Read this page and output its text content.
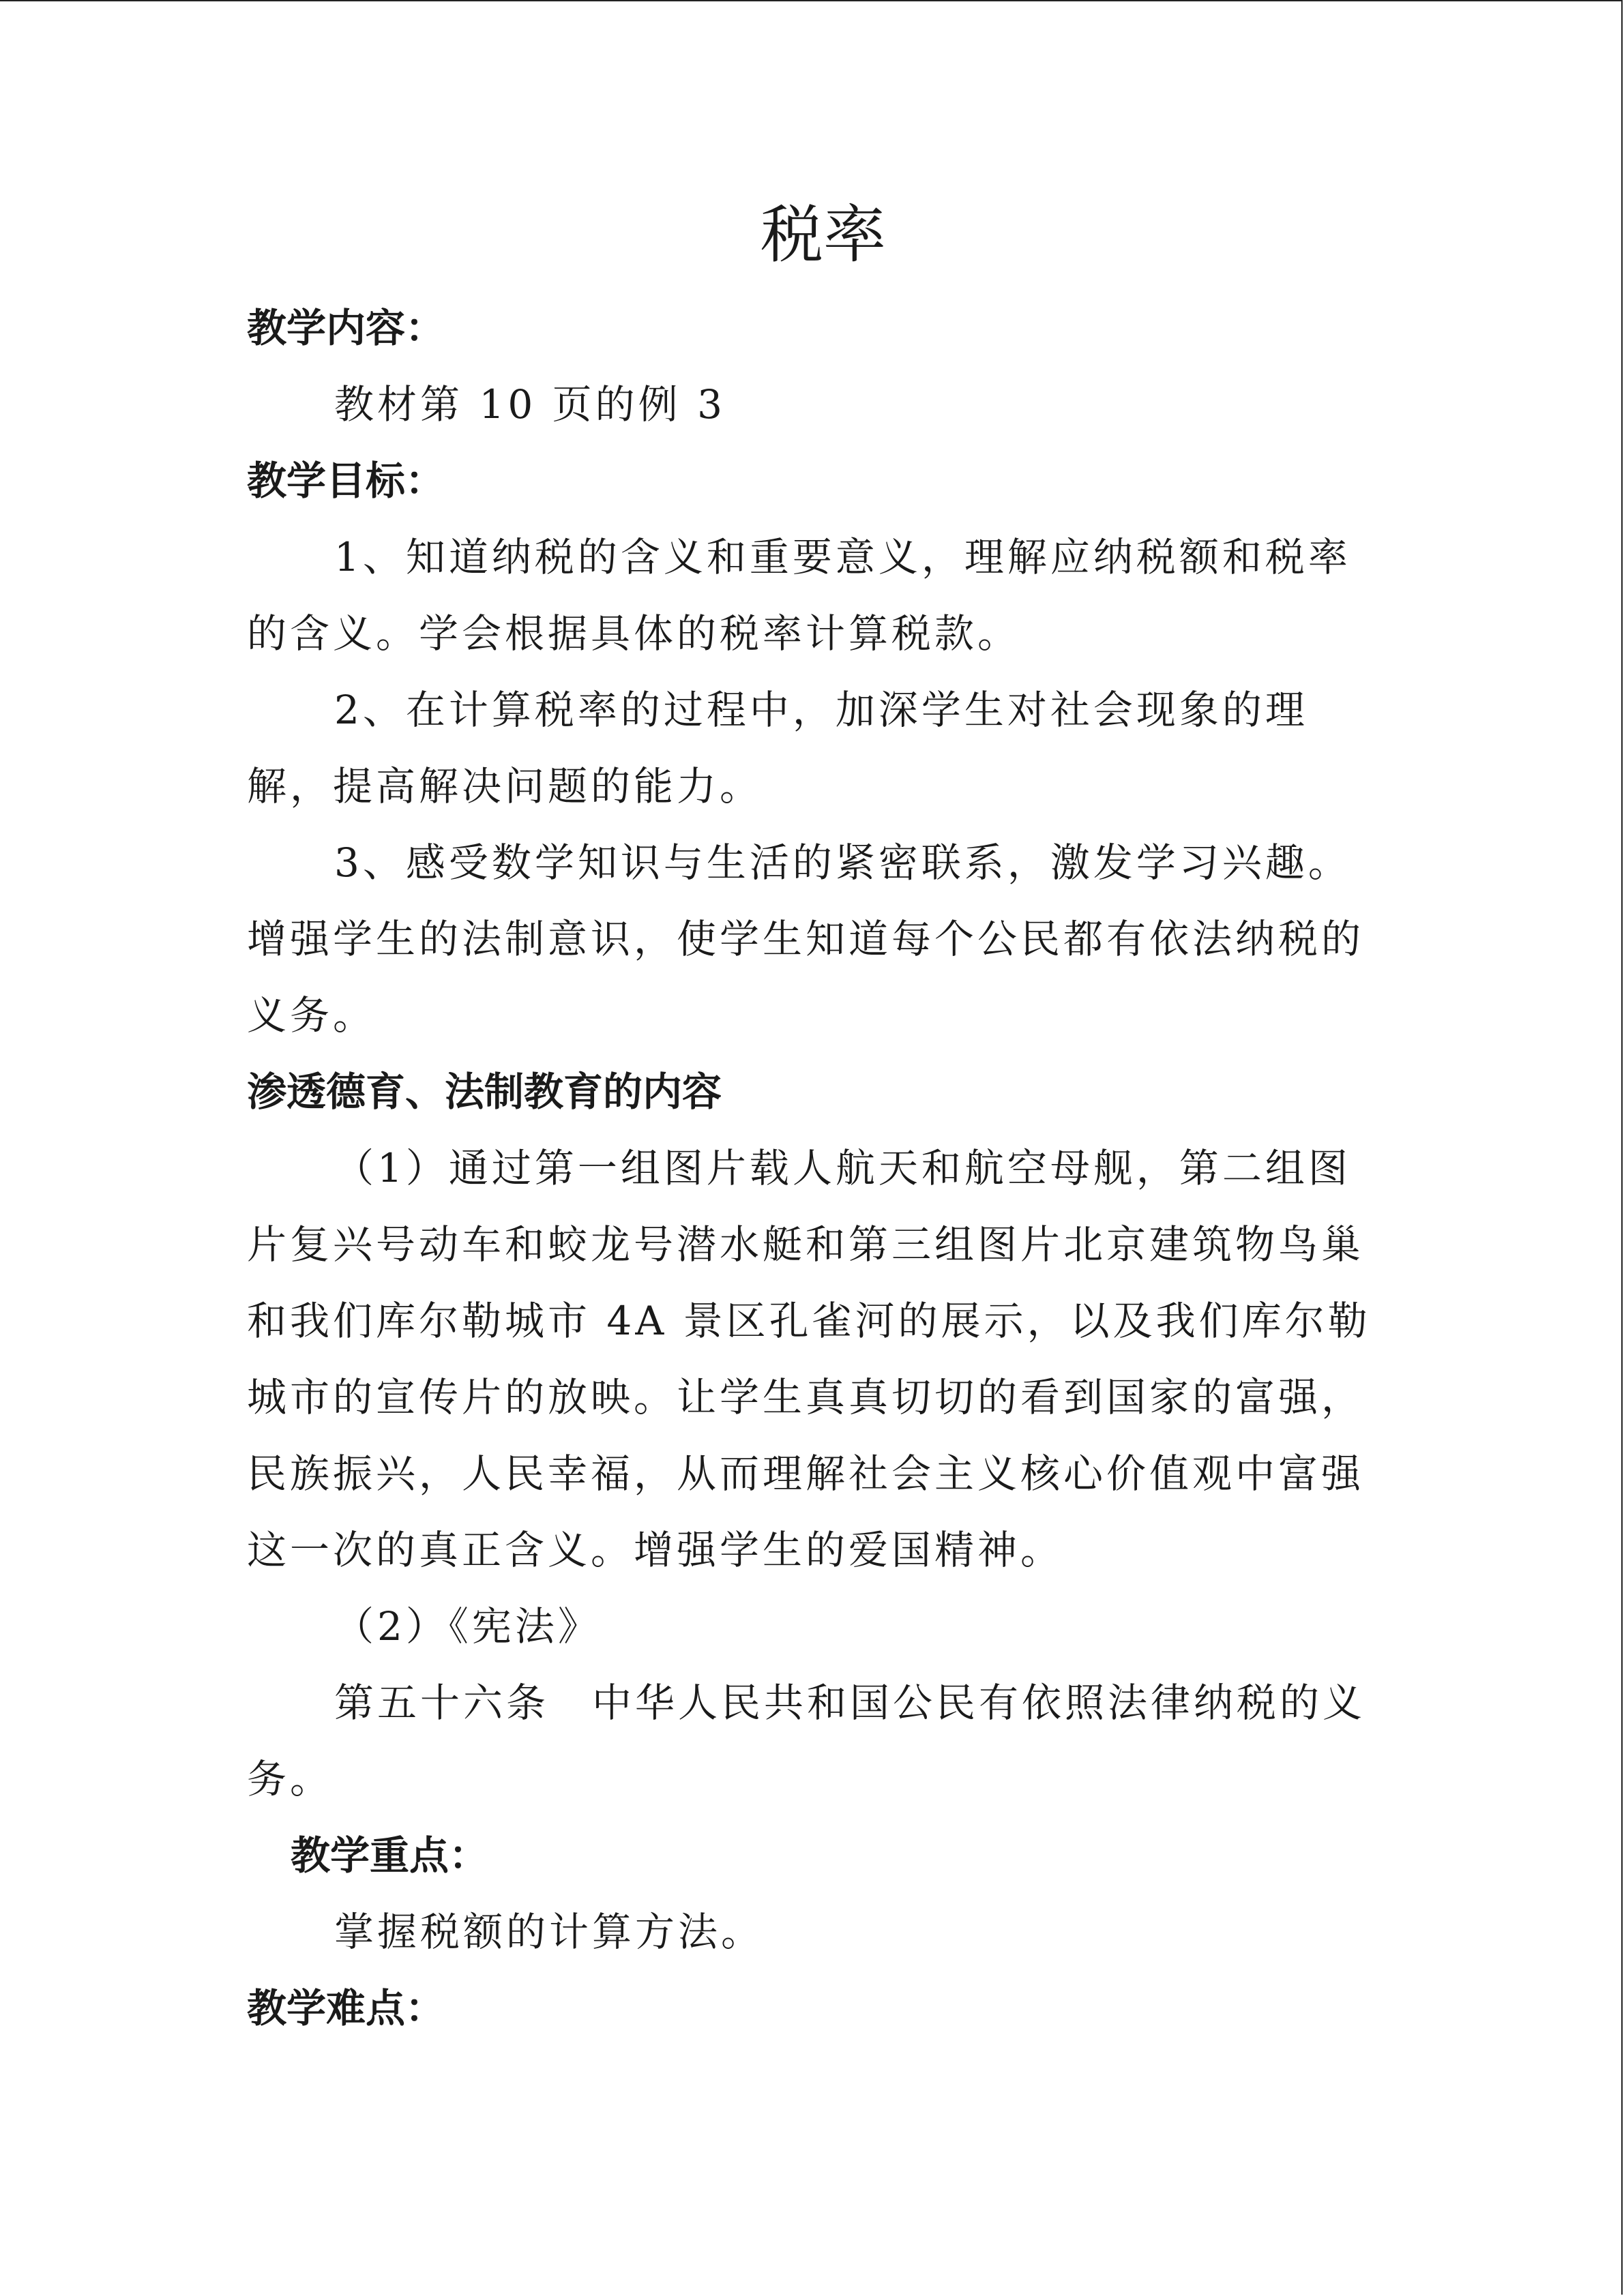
税率
教学内容：

教材第 10 页的例 3

教学目标：

1、知道纳税的含义和重要意义，理解应纳税额和税率的含义。学会根据具体的税率计算税款。

2、在计算税率的过程中，加深学生对社会现象的理解，提高解决问题的能力。

3、感受数学知识与生活的紧密联系，激发学习兴趣。增强学生的法制意识，使学生知道每个公民都有依法纳税的义务。

渗透德育、法制教育的内容

（1）通过第一组图片载人航天和航空母舰，第二组图片复兴号动车和蛟龙号潜水艇和第三组图片北京建筑物鸟巢和我们库尔勒城市 4A 景区孔雀河的展示，以及我们库尔勒城市的宣传片的放映。让学生真真切切的看到国家的富强，民族振兴，人民幸福，从而理解社会主义核心价值观中富强这一次的真正含义。增强学生的爱国精神。

（2）《宪法》

第五十六条　中华人民共和国公民有依照法律纳税的义务。

教学重点：

掌握税额的计算方法。

教学难点：
